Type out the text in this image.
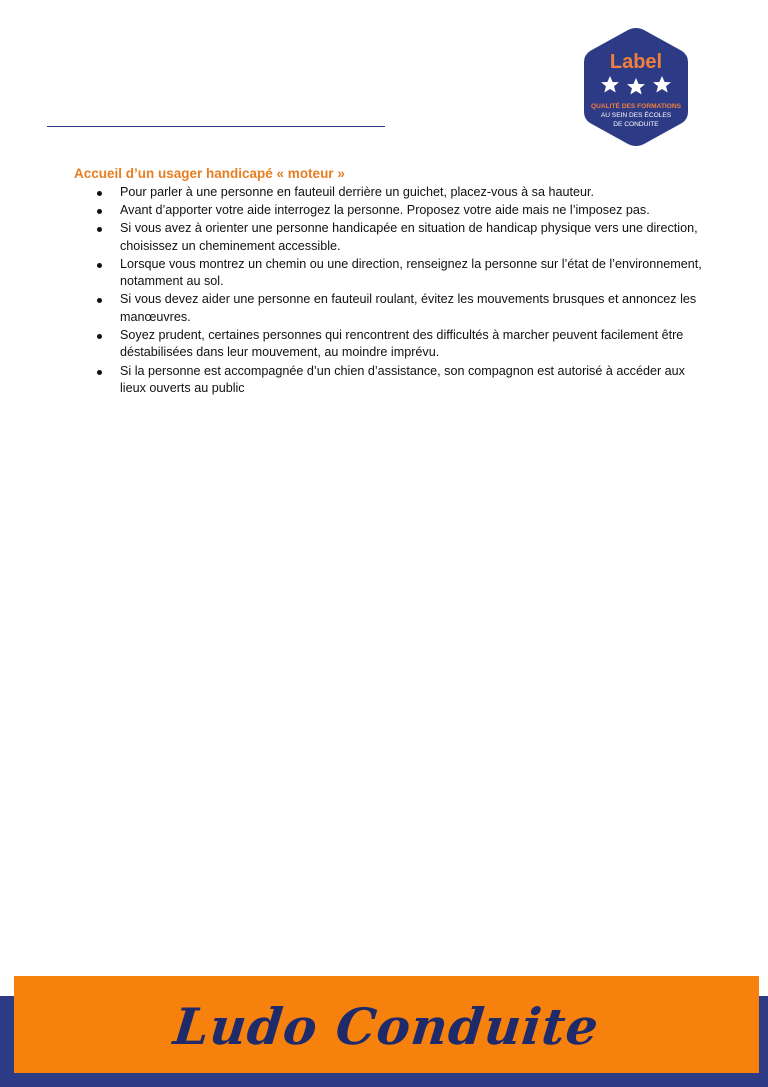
Label
QUALITÉ DES FORMATIONS
AU SEIN DES ÉCOLES
DE CONDUITE
Accueil d’un usager handicapé « moteur »
Pour parler à une personne en fauteuil derrière un guichet, placez-vous à sa hauteur.
Avant d’apporter votre aide interrogez la personne. Proposez votre aide mais ne l’imposez pas.
Si vous avez à orienter une personne handicapée en situation de handicap physique vers une direction, choisissez un cheminement accessible.
Lorsque vous montrez un chemin ou une direction, renseignez la personne sur l’état de l’environnement, notamment au sol.
Si vous devez aider une personne en fauteuil roulant, évitez les mouvements brusques et annoncez les manœuvres.
Soyez prudent, certaines personnes qui rencontrent des difficultés à marcher peuvent facilement être déstabilisées dans leur mouvement, au moindre imprévu.
Si la personne est accompagnée d’un chien d’assistance, son compagnon est autorisé à accéder aux lieux ouverts au public
Ludo Conduite
